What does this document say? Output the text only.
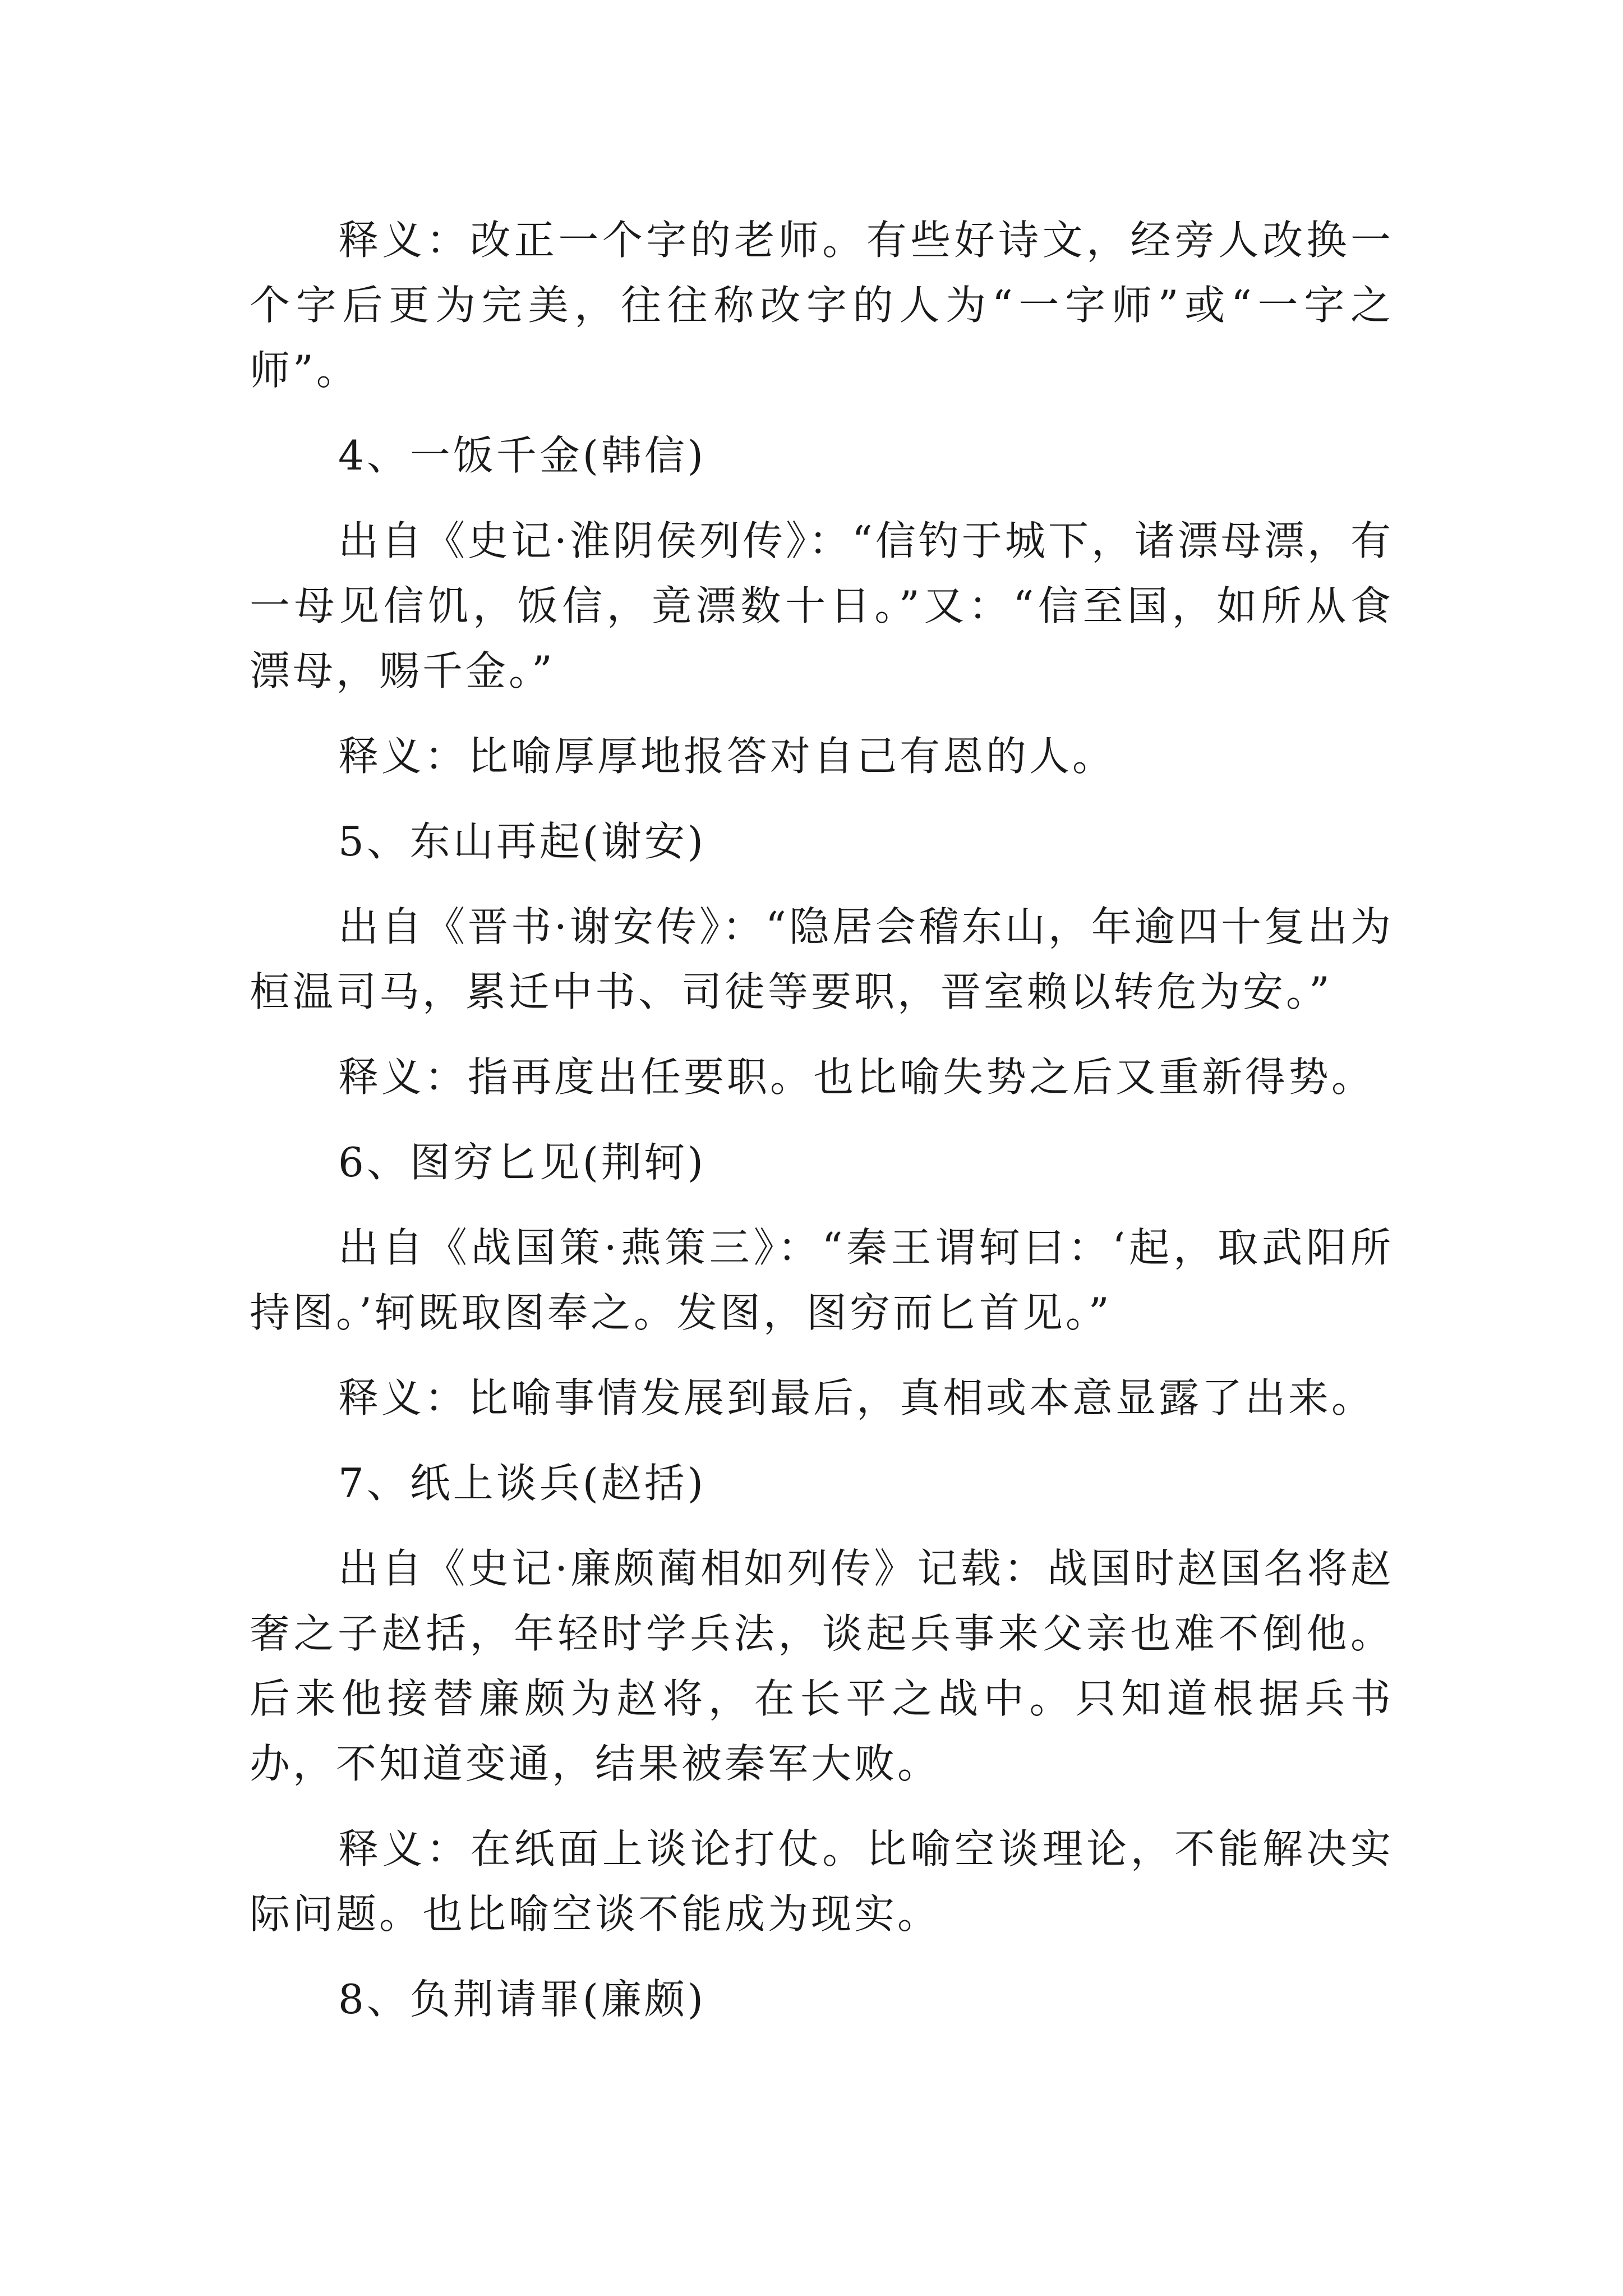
释义：改正一个字的老师。有些好诗文，经旁人改换一个字后更为完美，往往称改字的人为“一字师”或“一字之师”。

4、一饭千金(韩信)

出自《史记·淮阴侯列传》：“信钓于城下，诸漂母漂，有一母见信饥，饭信，竟漂数十日。”又：“信至国，如所从食漂母，赐千金。”

释义：比喻厚厚地报答对自己有恩的人。

5、东山再起(谢安)

出自《晋书·谢安传》：“隐居会稽东山，年逾四十复出为桓温司马，累迁中书、司徒等要职，晋室赖以转危为安。”

释义：指再度出任要职。也比喻失势之后又重新得势。

6、图穷匕见(荆轲)

出自《战国策·燕策三》：“秦王谓轲曰：‘起，取武阳所持图。’轲既取图奉之。发图，图穷而匕首见。”

释义：比喻事情发展到最后，真相或本意显露了出来。

7、纸上谈兵(赵括)

出自《史记·廉颇蔺相如列传》记载：战国时赵国名将赵奢之子赵括，年轻时学兵法，谈起兵事来父亲也难不倒他。后来他接替廉颇为赵将，在长平之战中。只知道根据兵书办，不知道变通，结果被秦军大败。

释义：在纸面上谈论打仗。比喻空谈理论，不能解决实际问题。也比喻空谈不能成为现实。

8、负荆请罪(廉颇)
